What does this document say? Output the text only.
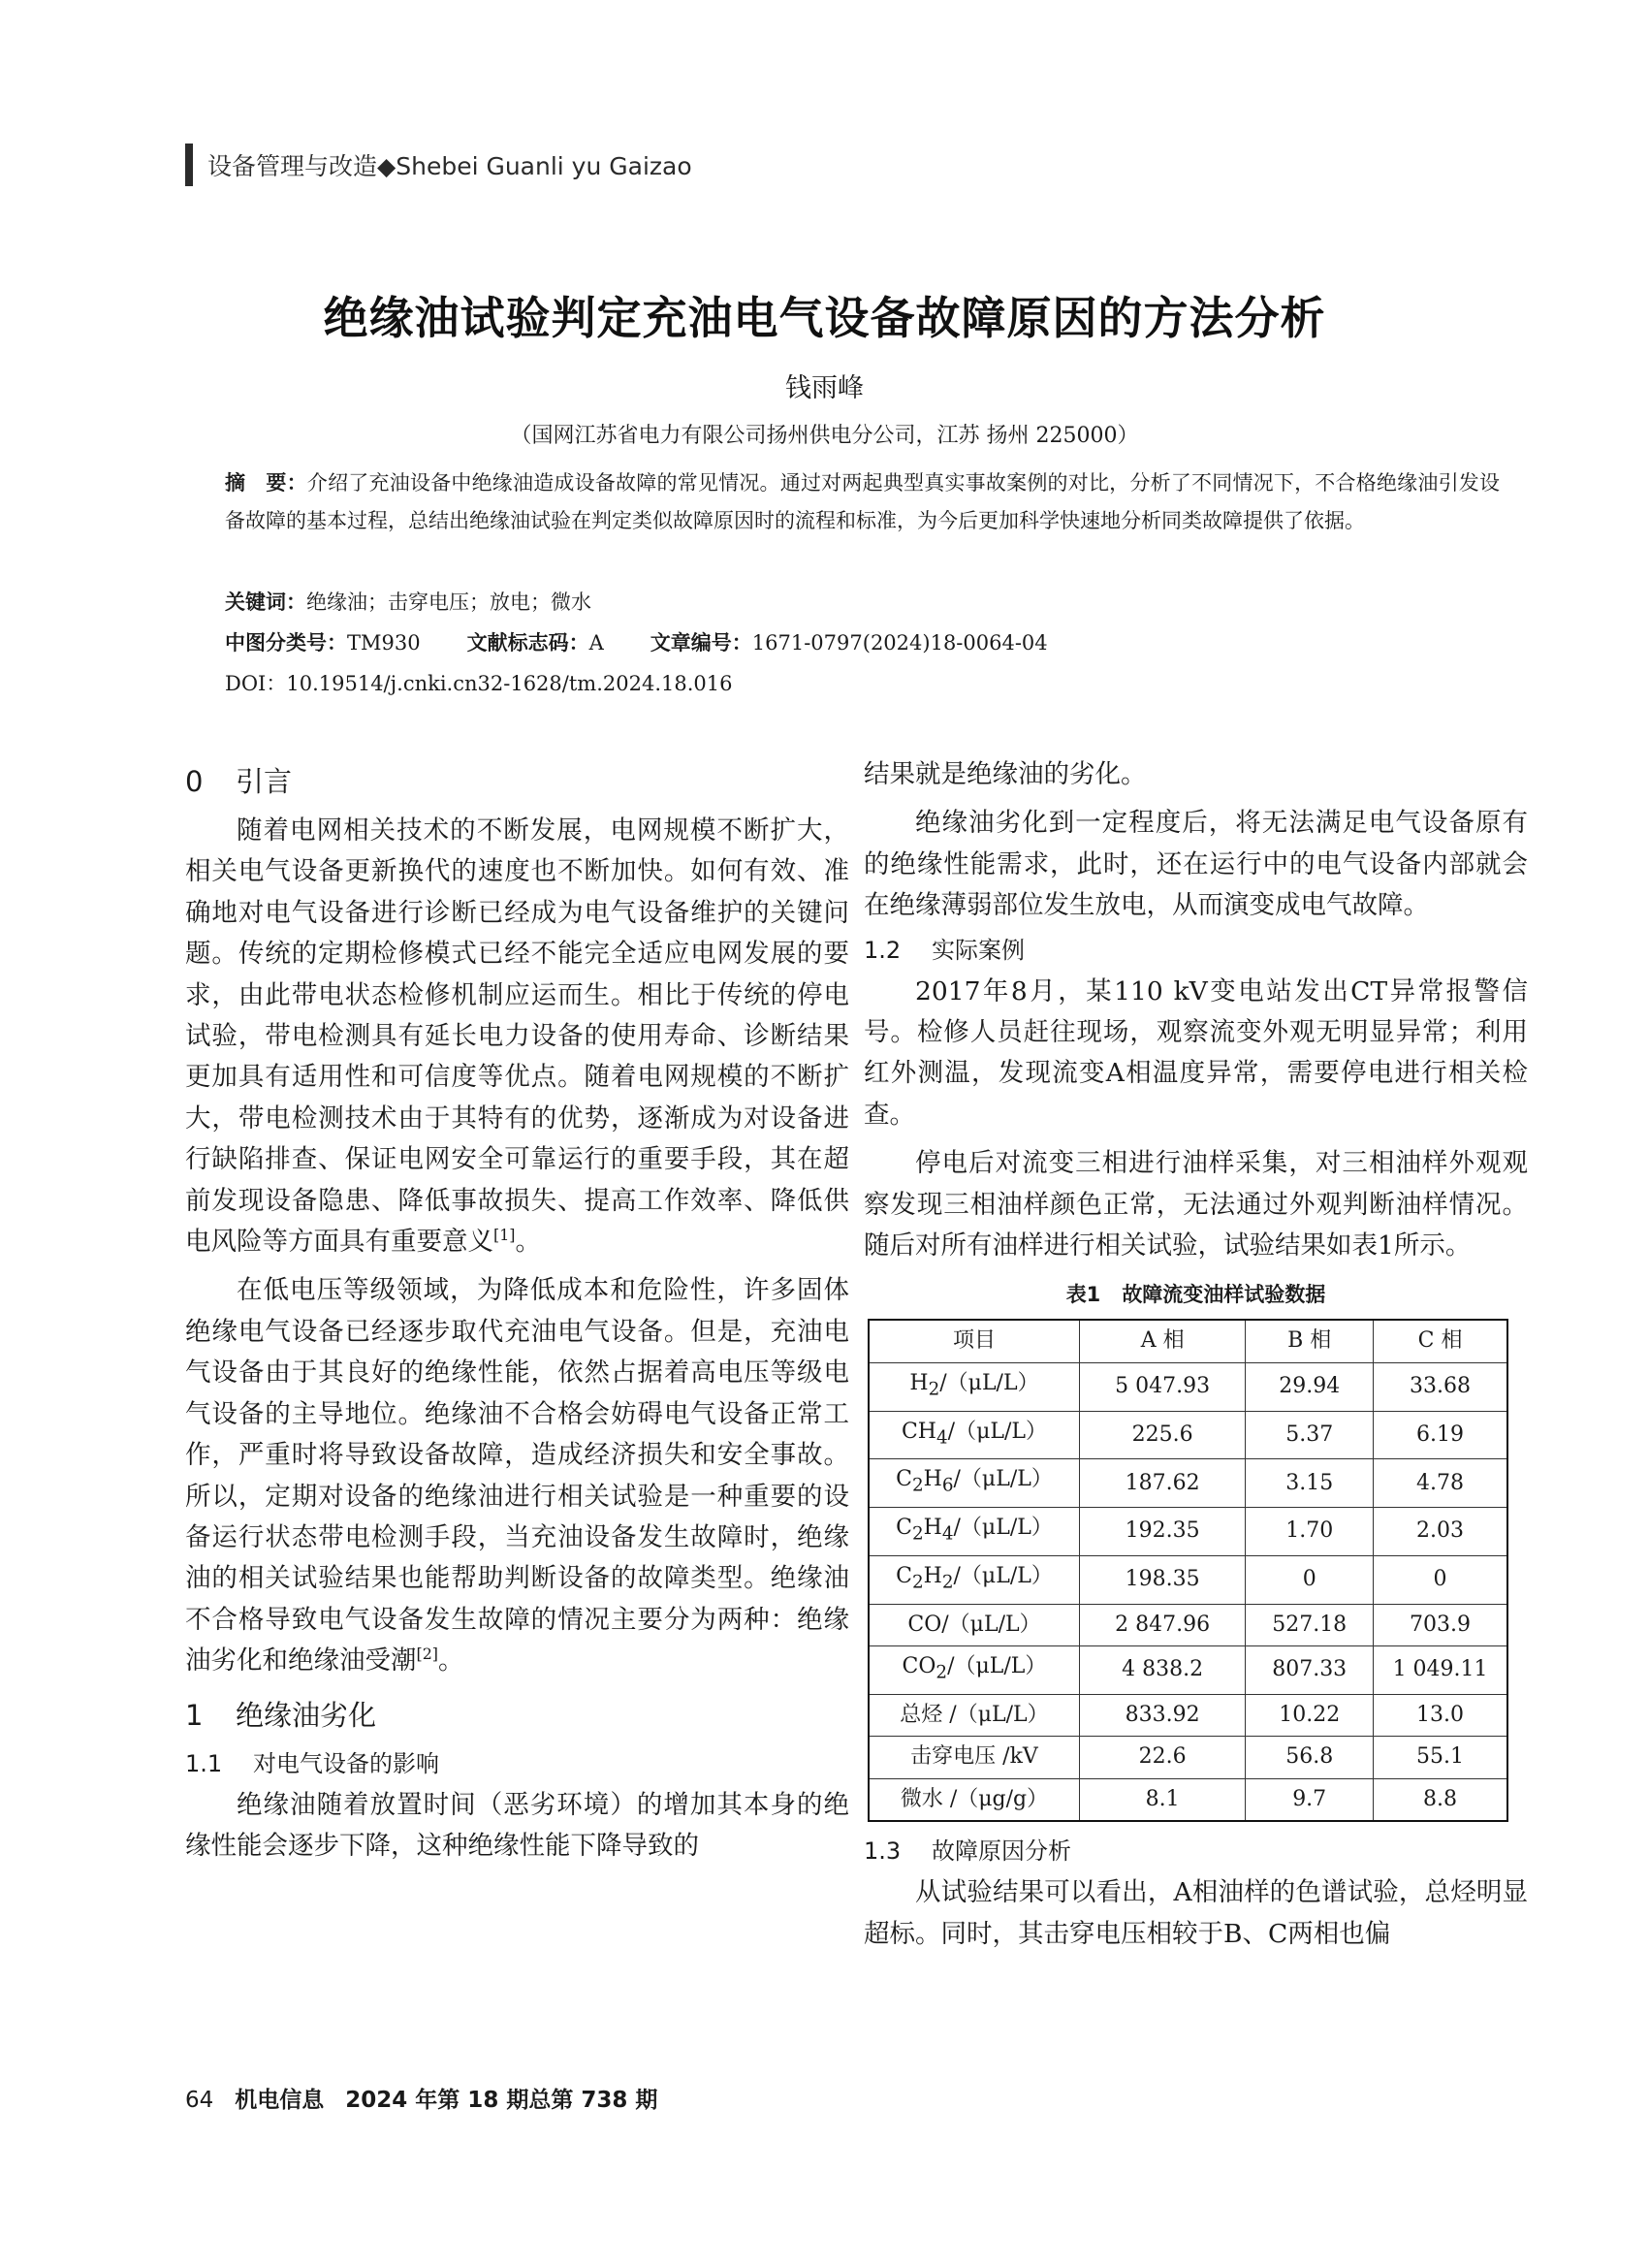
设备管理与改造◆Shebei Guanli yu Gaizao
绝缘油试验判定充油电气设备故障原因的方法分析
钱雨峰
（国网江苏省电力有限公司扬州供电分公司，江苏 扬州 225000）
摘　要：介绍了充油设备中绝缘油造成设备故障的常见情况。通过对两起典型真实事故案例的对比，分析了不同情况下，不合格绝缘油引发设备故障的基本过程，总结出绝缘油试验在判定类似故障原因时的流程和标准，为今后更加科学快速地分析同类故障提供了依据。
关键词：绝缘油；击穿电压；放电；微水
中图分类号：TM930 文献标志码：A 文章编号：1671-0797(2024)18-0064-04
DOI：10.19514/j.cnki.cn32-1628/tm.2024.18.016
0 引言

随着电网相关技术的不断发展，电网规模不断扩大，相关电气设备更新换代的速度也不断加快。如何有效、准确地对电气设备进行诊断已经成为电气设备维护的关键问题。传统的定期检修模式已经不能完全适应电网发展的要求，由此带电状态检修机制应运而生。相比于传统的停电试验，带电检测具有延长电力设备的使用寿命、诊断结果更加具有适用性和可信度等优点。随着电网规模的不断扩大，带电检测技术由于其特有的优势，逐渐成为对设备进行缺陷排查、保证电网安全可靠运行的重要手段，其在超前发现设备隐患、降低事故损失、提高工作效率、降低供电风险等方面具有重要意义[1]。

在低电压等级领域，为降低成本和危险性，许多固体绝缘电气设备已经逐步取代充油电气设备。但是，充油电气设备由于其良好的绝缘性能，依然占据着高电压等级电气设备的主导地位。绝缘油不合格会妨碍电气设备正常工作，严重时将导致设备故障，造成经济损失和安全事故。所以，定期对设备的绝缘油进行相关试验是一种重要的设备运行状态带电检测手段，当充油设备发生故障时，绝缘油的相关试验结果也能帮助判断设备的故障类型。绝缘油不合格导致电气设备发生故障的情况主要分为两种：绝缘油劣化和绝缘油受潮[2]。

1 绝缘油劣化
1.1 对电气设备的影响

绝缘油随着放置时间（恶劣环境）的增加其本身的绝缘性能会逐步下降，这种绝缘性能下降导致的

结果就是绝缘油的劣化。

绝缘油劣化到一定程度后，将无法满足电气设备原有的绝缘性能需求，此时，还在运行中的电气设备内部就会在绝缘薄弱部位发生放电，从而演变成电气故障。

1.2 实际案例

2017年8月，某110 kV变电站发出CT异常报警信号。检修人员赶往现场，观察流变外观无明显异常；利用红外测温，发现流变A相温度异常，需要停电进行相关检查。

停电后对流变三相进行油样采集，对三相油样外观观察发现三相油样颜色正常，无法通过外观判断油样情况。随后对所有油样进行相关试验，试验结果如表1所示。

表1 故障流变油样试验数据
项目	A 相	B 相	C 相
$H_2/(\mu L/L)$	5 047.93	29.94	33.68
$CH_4/(\mu L/L)$	225.6	5.37	6.19
$C_2H_6/(\mu L/L)$	187.62	3.15	4.78
$C_2H_4/(\mu L/L)$	192.35	1.70	2.03
$C_2H_2/(\mu L/L)$	198.35	0	0
CO/（μL/L）	2 847.96	527.18	703.9
$CO_2/(\mu L/L)$	4 838.2	807.33	1 049.11
总烃 /（μL/L）	833.92	10.22	13.0
击穿电压 /kV	22.6	56.8	55.1
微水 /（μg/g）	8.1	9.7	8.8
1.3 故障原因分析

从试验结果可以看出，A相油样的色谱试验，总烃明显超标。同时，其击穿电压相较于B、C两相也偏

64 机电信息 2024 年第 18 期总第 738 期
